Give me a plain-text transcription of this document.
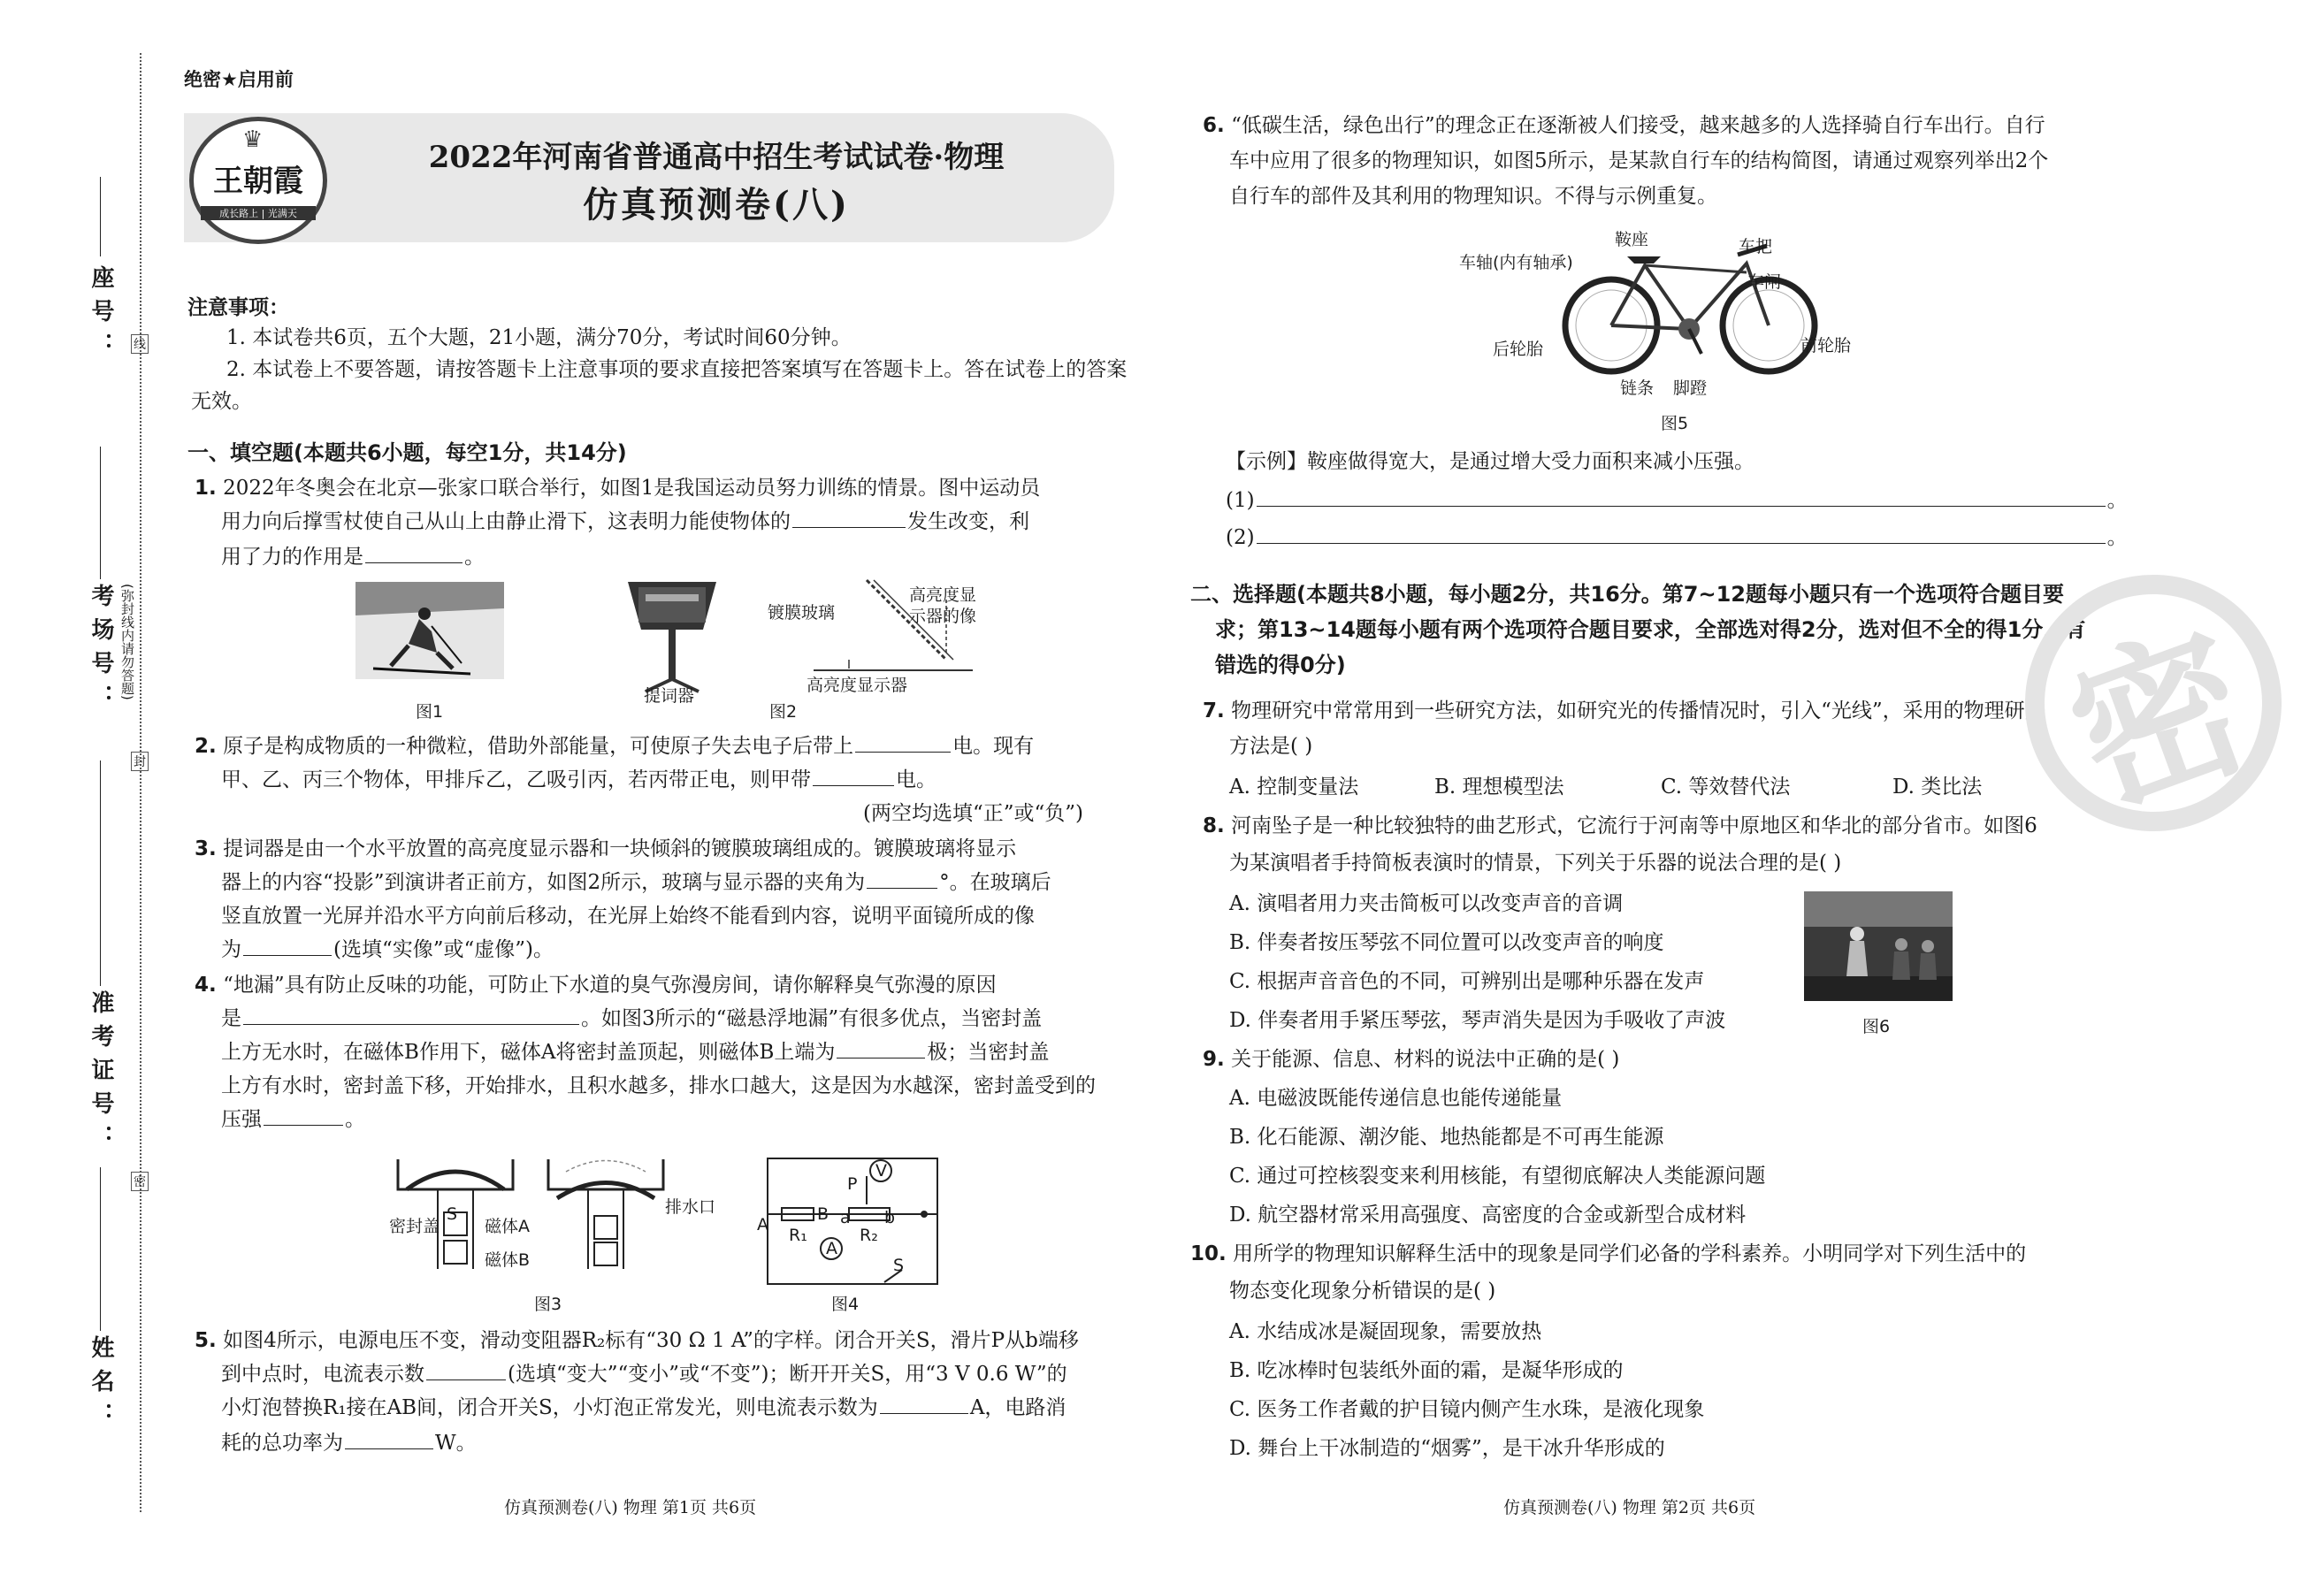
座号：
考场号：
准考证号：
姓名：
线
封
密
(弥封线内请勿答题)
绝密★启用前
♛
王朝霞
成长路上 | 光满天
2022年河南省普通高中招生考试试卷·物理
仿真预测卷(八)
注意事项：
1. 本试卷共6页，五个大题，21小题，满分70分，考试时间60分钟。
2. 本试卷上不要答题，请按答题卡上注意事项的要求直接把答案填写在答题卡上。答在试卷上的答案
无效。
一、填空题(本题共6小题，每空1分，共14分)
1. 2022年冬奥会在北京—张家口联合举行，如图1是我国运动员努力训练的情景。图中运动员
用力向后撑雪杖使自己从山上由静止滑下，这表明力能使物体的	发生改变，利
用了力的作用是	。
图1
提词器
镀膜玻璃
高亮度显
示器的像
高亮度显示器
图2
2. 原子是构成物质的一种微粒，借助外部能量，可使原子失去电子后带上	电。现有
甲、乙、丙三个物体，甲排斥乙，乙吸引丙，若丙带正电，则甲带	电。
(两空均选填“正”或“负”)
3. 提词器是由一个水平放置的高亮度显示器和一块倾斜的镀膜玻璃组成的。镀膜玻璃将显示
器上的内容“投影”到演讲者正前方，如图2所示，玻璃与显示器的夹角为	°。在玻璃后
竖直放置一光屏并沿水平方向前后移动，在光屏上始终不能看到内容，说明平面镜所成的像
为	(选填“实像”或“虚像”)。
4. “地漏”具有防止反味的功能，可防止下水道的臭气弥漫房间，请你解释臭气弥漫的原因
是	。如图3所示的“磁悬浮地漏”有很多优点，当密封盖
上方无水时，在磁体B作用下，磁体A将密封盖顶起，则磁体B上端为	极；当密封盖
上方有水时，密封盖下移，开始排水，且积水越多，排水口越大，这是因为水越深，密封盖受到的
压强	。
S
密封盖	磁体A
磁体B
排水口
图3
A
R₁
B a
R₂
b
P
V
A
S
图4
5. 如图4所示，电源电压不变，滑动变阻器R₂标有“30 Ω 1 A”的字样。闭合开关S，滑片P从b端移
到中点时，电流表示数	(选填“变大”“变小”或“不变”)；断开开关S，用“3 V 0.6 W”的
小灯泡替换R₁接在AB间，闭合开关S，小灯泡正常发光，则电流表示数为	A，电路消
耗的总功率为	W。
仿真预测卷(八) 物理 第1页 共6页
6. “低碳生活，绿色出行”的理念正在逐渐被人们接受，越来越多的人选择骑自行车出行。自行
车中应用了很多的物理知识，如图5所示，是某款自行车的结构简图，请通过观察列举出2个
自行车的部件及其利用的物理知识。不得与示例重复。
鞍座	车把
车轴(内有轴承)
车闸
后轮胎	前轮胎
链条 脚蹬
图5
【示例】鞍座做得宽大，是通过增大受力面积来减小压强。
(1)	。
(2)	。
二、选择题(本题共8小题，每小题2分，共16分。第7~12题每小题只有一个选项符合题目要
求；第13~14题每小题有两个选项符合题目要求，全部选对得2分，选对但不全的得1分，有
错选的得0分)
7. 物理研究中常常用到一些研究方法，如研究光的传播情况时，引入“光线”，采用的物理研究
方法是( )
A. 控制变量法	B. 理想模型法	C. 等效替代法	D. 类比法
8. 河南坠子是一种比较独特的曲艺形式，它流行于河南等中原地区和华北的部分省市。如图6
为某演唱者手持简板表演时的情景，下列关于乐器的说法合理的是( )
A. 演唱者用力夹击简板可以改变声音的音调
B. 伴奏者按压琴弦不同位置可以改变声音的响度
C. 根据声音音色的不同，可辨别出是哪种乐器在发声
D. 伴奏者用手紧压琴弦，琴声消失是因为手吸收了声波	图6
9. 关于能源、信息、材料的说法中正确的是( )
A. 电磁波既能传递信息也能传递能量
B. 化石能源、潮汐能、地热能都是不可再生能源
C. 通过可控核裂变来利用核能，有望彻底解决人类能源问题
D. 航空器材常采用高强度、高密度的合金或新型合成材料
10. 用所学的物理知识解释生活中的现象是同学们必备的学科素养。小明同学对下列生活中的
物态变化现象分析错误的是( )
A. 水结成冰是凝固现象，需要放热
B. 吃冰棒时包装纸外面的霜，是凝华形成的
C. 医务工作者戴的护目镜内侧产生水珠，是液化现象
D. 舞台上干冰制造的“烟雾”，是干冰升华形成的
密
仿真预测卷(八) 物理 第2页 共6页
